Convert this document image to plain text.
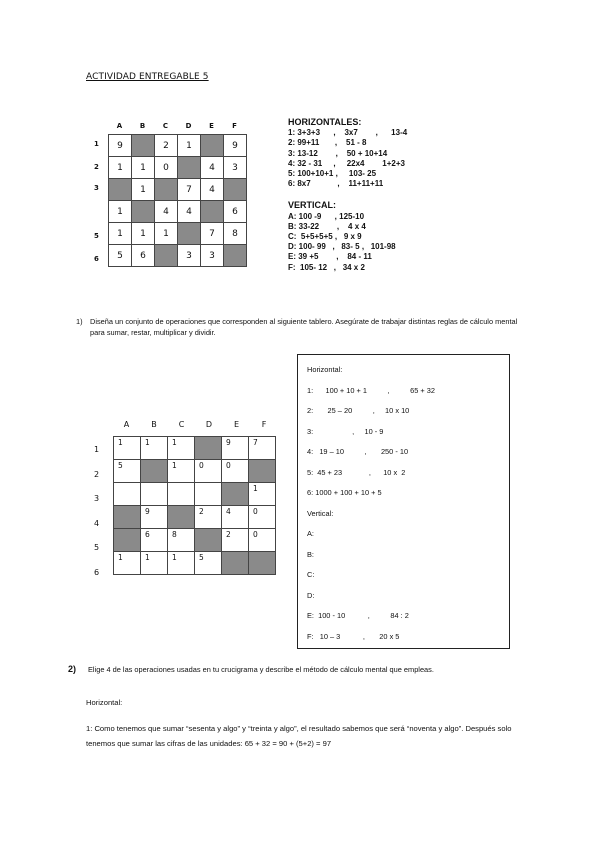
ACTIVIDAD ENTREGABLE 5
A	B	C	D	E	F
1
2
3
5
6
9		2	1		9
1	1	0		4	3
	1		7	4	
1		4	4		6
1	1	1		7	8
5	6		3	3	
HORIZONTALES:
1: 3+3+3      ,    3x7        ,      13-4
2: 99+11       ,    51 - 8
3: 13-12        ,    50 + 10+14
4: 32 - 31     ,     22x4        1+2+3
5: 100+10+1 ,     103- 25
6: 8x7            ,    11+11+11
VERTICAL:
A: 100 -9      , 125-10
B: 33-22        ,    4 x 4
C:  5+5+5+5 ,   9 x 9
D: 100- 99   ,   83- 5 ,   101-98
E: 39 +5        ,    84 - 11
F:  105- 12   ,   34 x 2
1) Diseña un conjunto de operaciones que corresponden al siguiente tablero. Asegúrate de trabajar distintas reglas de cálculo mental para sumar, restar, multiplicar y dividir.
A	B	C	D	E	F
1
2
3
4
5
6
1	1	1		9	7

5		1	0	0	

					1

	9		2	4	0

	6	8		2	0

1	1	1	5		

Horizontal:
1:      100 + 10 + 1          ,          65 + 32
2:       25 – 20          ,     10 x 10
3:                   ,     10 - 9
4:   19 – 10          ,       250 - 10
5:  45 + 23             ,      10 x  2
6: 1000 + 100 + 10 + 5
Vertical:
A:
B:
C:
D:
E:  100 - 10           ,          84 : 2
F:   10 – 3           ,       20 x 5
2) Elige 4 de las operaciones usadas en tu crucigrama y describe el método de cálculo mental que empleas.
Horizontal:
1: Como tenemos que sumar “sesenta y algo” y “treinta y algo”, el resultado sabemos que será “noventa y algo”. Después solo tenemos que sumar las cifras de las unidades: 65 + 32 = 90 + (5+2) = 97
